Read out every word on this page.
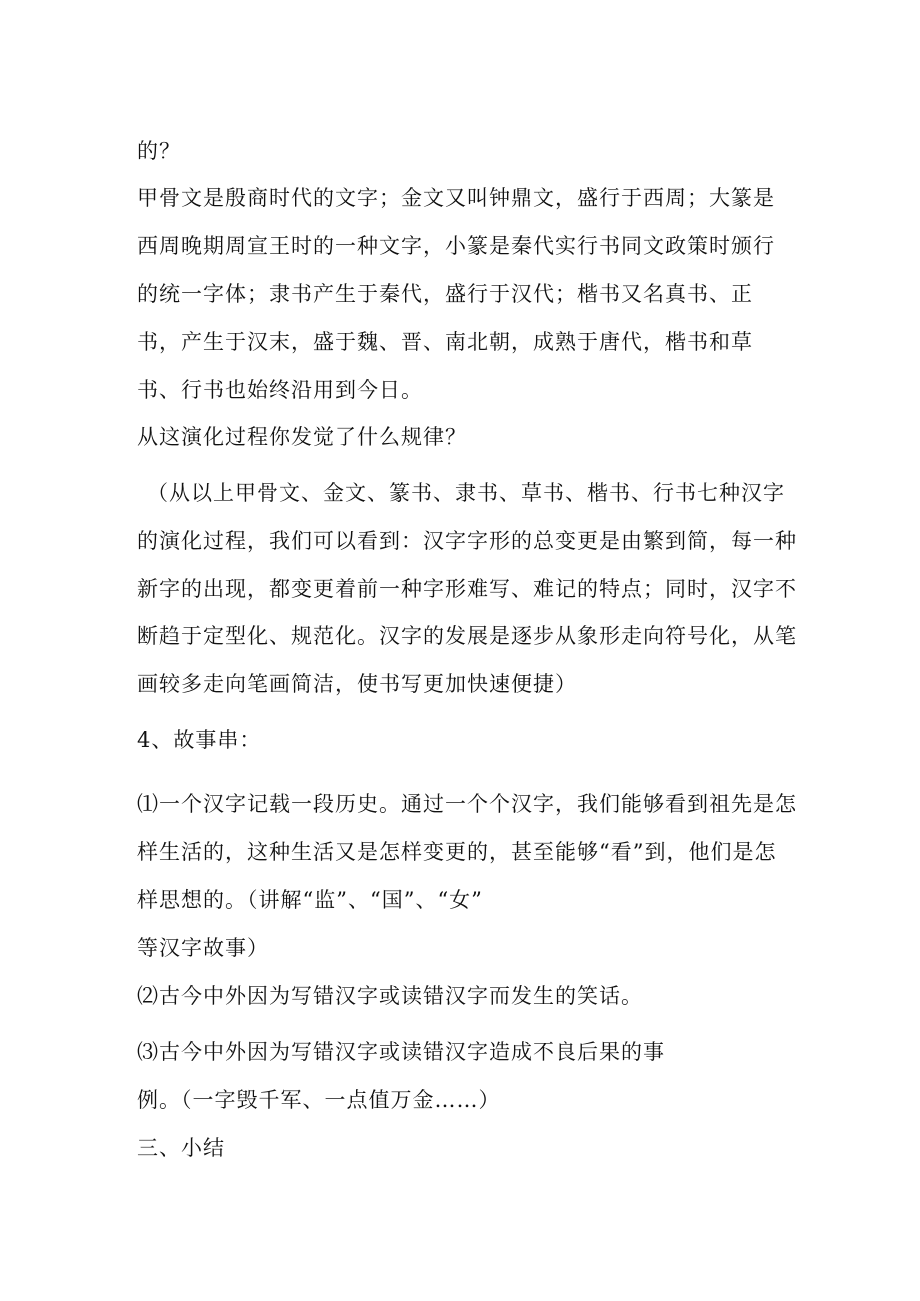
的？

甲骨文是殷商时代的文字；金文又叫钟鼎文，盛行于西周；大篆是

西周晚期周宣王时的一种文字，小篆是秦代实行书同文政策时颁行

的统一字体；隶书产生于秦代，盛行于汉代；楷书又名真书、正

书，产生于汉末，盛于魏、晋、南北朝，成熟于唐代，楷书和草

书、行书也始终沿用到今日。

从这演化过程你发觉了什么规律？

（从以上甲骨文、金文、篆书、隶书、草书、楷书、行书七种汉字

的演化过程，我们可以看到：汉字字形的总变更是由繁到简，每一种

新字的出现，都变更着前一种字形难写、难记的特点；同时，汉字不

断趋于定型化、规范化。汉字的发展是逐步从象形走向符号化，从笔

画较多走向笔画简洁，使书写更加快速便捷）

4、故事串：

⑴一个汉字记载一段历史。通过一个个汉字，我们能够看到祖先是怎

样生活的，这种生活又是怎样变更的，甚至能够“看”到，他们是怎

样思想的。（讲解“监”、“国”、“女”

等汉字故事）

⑵古今中外因为写错汉字或读错汉字而发生的笑话。

⑶古今中外因为写错汉字或读错汉字造成不良后果的事

例。（一字毁千军、一点值万金……）

三、小结
